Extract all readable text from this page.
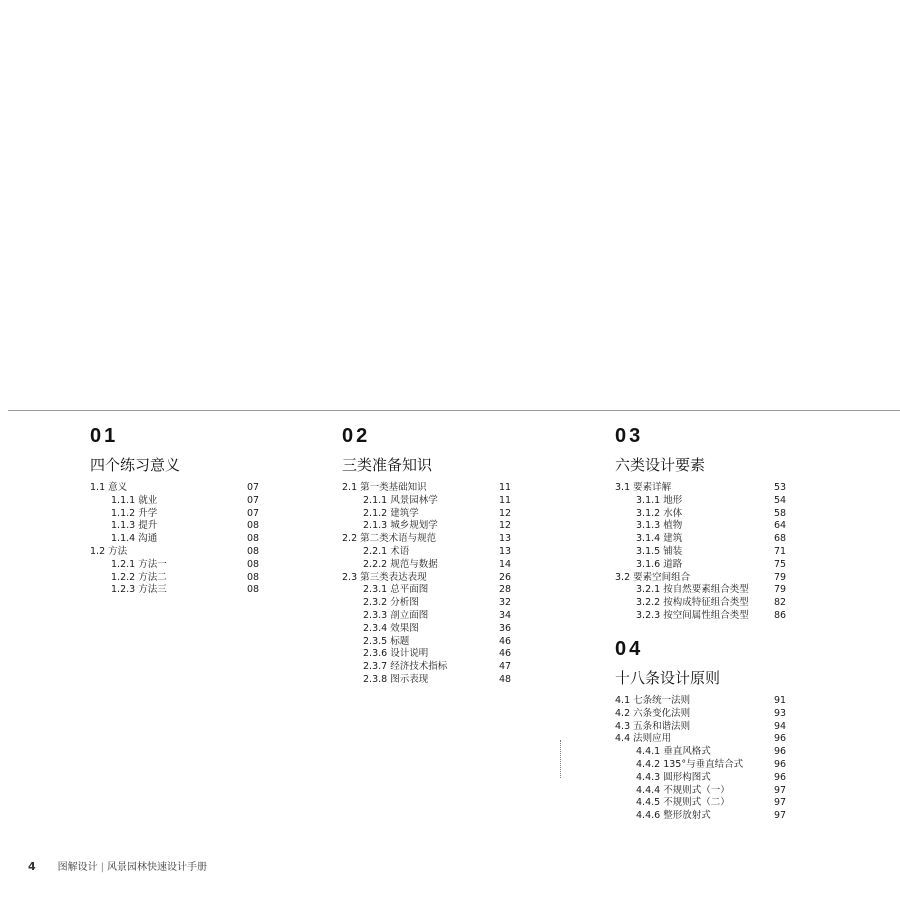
01
四个练习意义
1.1 意义	07
1.1.1 就业	07
1.1.2 升学	07
1.1.3 提升	08
1.1.4 沟通	08
1.2 方法	08
1.2.1 方法一	08
1.2.2 方法二	08
1.2.3 方法三	08
02
三类准备知识
2.1 第一类基础知识	11
2.1.1 风景园林学	11
2.1.2 建筑学	12
2.1.3 城乡规划学	12
2.2 第二类术语与规范	13
2.2.1 术语	13
2.2.2 规范与数据	14
2.3 第三类表达表现	26
2.3.1 总平面图	28
2.3.2 分析图	32
2.3.3 剖立面图	34
2.3.4 效果图	36
2.3.5 标题	46
2.3.6 设计说明	46
2.3.7 经济技术指标	47
2.3.8 图示表现	48
03
六类设计要素
3.1 要素详解	53
3.1.1 地形	54
3.1.2 水体	58
3.1.3 植物	64
3.1.4 建筑	68
3.1.5 铺装	71
3.1.6 道路	75
3.2 要素空间组合	79
3.2.1 按自然要素组合类型	79
3.2.2 按构成特征组合类型	82
3.2.3 按空间属性组合类型	86
04
十八条设计原则
4.1 七条统一法则	91
4.2 六条变化法则	93
4.3 五条和谐法则	94
4.4 法则应用	96
4.4.1 垂直风格式	96
4.4.2 135°与垂直结合式	96
4.4.3 圆形构图式	96
4.4.4 不规则式（一）	97
4.4.5 不规则式（二）	97
4.4.6 整形放射式	97
4 图解设计 | 风景园林快速设计手册
